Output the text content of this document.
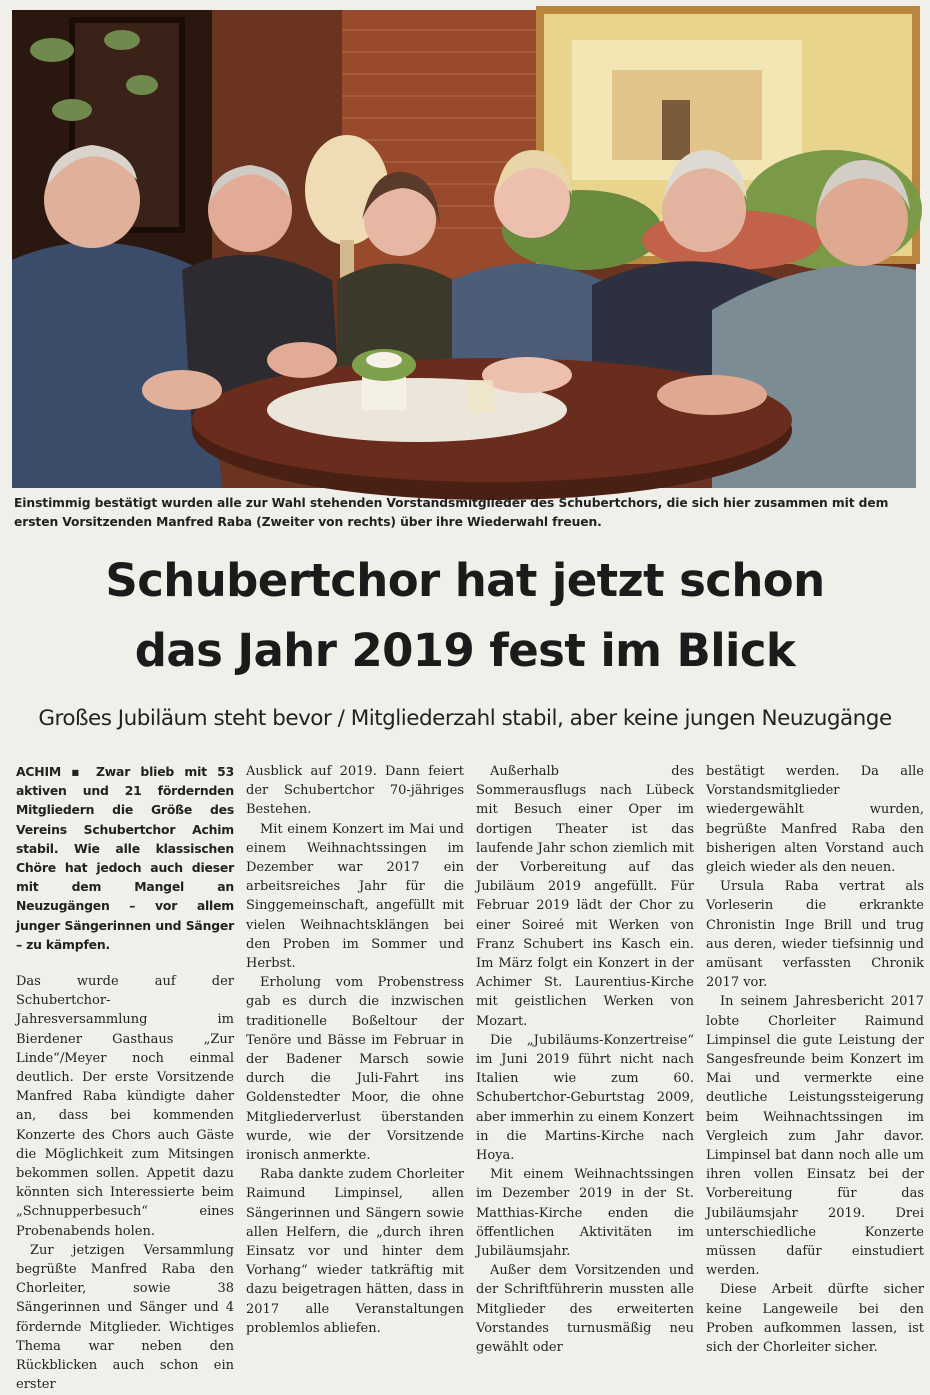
Einstimmig bestätigt wurden alle zur Wahl stehenden Vorstandsmitglieder des Schubertchors, die sich hier zusammen mit dem ersten Vorsitzenden Manfred Raba (Zweiter von rechts) über ihre Wiederwahl freuen.
Schubertchor hat jetzt schon
das Jahr 2019 fest im Blick
Großes Jubiläum steht bevor / Mitgliederzahl stabil, aber keine jungen Neuzugänge
ACHIM ▪ Zwar blieb mit 53 aktiven und 21 fördernden Mitgliedern die Größe des Vereins Schubertchor Achim stabil. Wie alle klassischen Chöre hat jedoch auch dieser mit dem Mangel an Neuzugängen – vor allem junger Sängerinnen und Sänger – zu kämpfen.

Das wurde auf der Schubertchor-Jahresversammlung im Bierdener Gasthaus „Zur Linde“/Meyer noch einmal deutlich. Der erste Vorsitzende Manfred Raba kündigte daher an, dass bei kommenden Konzerte des Chors auch Gäste die Möglichkeit zum Mitsingen bekommen sollen. Appetit dazu könnten sich Interessierte beim „Schnupperbesuch“ eines Probenabends holen.

Zur jetzigen Versammlung begrüßte Manfred Raba den Chorleiter, sowie 38 Sängerinnen und Sänger und 4 fördernde Mitglieder. Wichtiges Thema war neben den Rückblicken auch schon ein erster

Ausblick auf 2019. Dann feiert der Schubertchor 70-jähriges Bestehen.

Mit einem Konzert im Mai und einem Weihnachtssingen im Dezember war 2017 ein arbeitsreiches Jahr für die Singgemeinschaft, angefüllt mit vielen Weihnachtsklängen bei den Proben im Sommer und Herbst.

Erholung vom Probenstress gab es durch die inzwischen traditionelle Boßeltour der Tenöre und Bässe im Februar in der Badener Marsch sowie durch die Juli-Fahrt ins Goldenstedter Moor, die ohne Mitgliederverlust überstanden wurde, wie der Vorsitzende ironisch anmerkte.

Raba dankte zudem Chorleiter Raimund Limpinsel, allen Sängerinnen und Sängern sowie allen Helfern, die „durch ihren Einsatz vor und hinter dem Vorhang“ wieder tatkräftig mit dazu beigetragen hätten, dass in 2017 alle Veranstaltungen problemlos abliefen.

Außerhalb des Sommerausflugs nach Lübeck mit Besuch einer Oper im dortigen Theater ist das laufende Jahr schon ziemlich mit der Vorbereitung auf das Jubiläum 2019 angefüllt. Für Februar 2019 lädt der Chor zu einer Soireé mit Werken von Franz Schubert ins Kasch ein. Im März folgt ein Konzert in der Achimer St. Laurentius-Kirche mit geistlichen Werken von Mozart.

Die „Jubiläums-Konzertreise“ im Juni 2019 führt nicht nach Italien wie zum 60. Schubertchor-Geburtstag 2009, aber immerhin zu einem Konzert in die Martins-Kirche nach Hoya.

Mit einem Weihnachtssingen im Dezember 2019 in der St. Matthias-Kirche enden die öffentlichen Aktivitäten im Jubiläumsjahr.

Außer dem Vorsitzenden und der Schriftführerin mussten alle Mitglieder des erweiterten Vorstandes turnusmäßig neu gewählt oder

bestätigt werden. Da alle Vorstandsmitglieder wiedergewählt wurden, begrüßte Manfred Raba den bisherigen alten Vorstand auch gleich wieder als den neuen.

Ursula Raba vertrat als Vorleserin die erkrankte Chronistin Inge Brill und trug aus deren, wieder tiefsinnig und amüsant verfassten Chronik 2017 vor.

In seinem Jahresbericht 2017 lobte Chorleiter Raimund Limpinsel die gute Leistung der Sangesfreunde beim Konzert im Mai und vermerkte eine deutliche Leistungssteigerung beim Weihnachtssingen im Vergleich zum Jahr davor. Limpinsel bat dann noch alle um ihren vollen Einsatz bei der Vorbereitung für das Jubiläumsjahr 2019. Drei unterschiedliche Konzerte müssen dafür einstudiert werden.

Diese Arbeit dürfte sicher keine Langeweile bei den Proben aufkommen lassen, ist sich der Chorleiter sicher.
